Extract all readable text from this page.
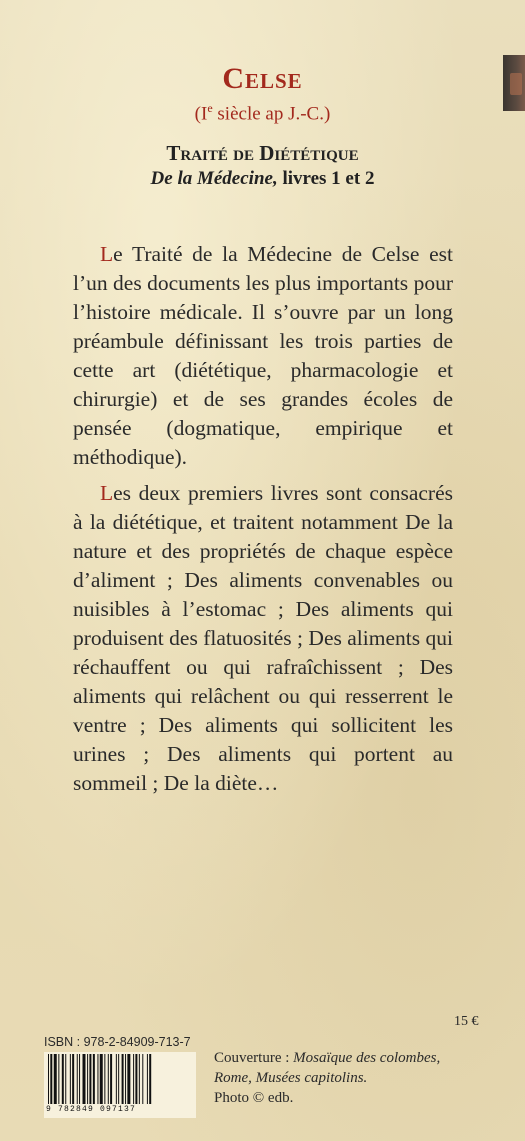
Celse
(Ie siècle ap J.-C.)
Traité de Diététique
De la Médecine, livres 1 et 2

Le Traité de la Médecine de Celse est l’un des documents les plus importants pour l’histoire médicale. Il s’ouvre par un long préambule définissant les trois parties de cette art (diététique, pharmacologie et chirurgie) et de ses grandes écoles de pensée (dogmatique, empirique et méthodique).

Les deux premiers livres sont consacrés à la diététique, et traitent notamment De la nature et des propriétés de chaque espèce d’aliment ; Des aliments convenables ou nuisibles à l’estomac ; Des aliments qui produisent des flatuosités ; Des aliments qui réchauffent ou qui rafraîchissent ; Des aliments qui relâchent ou qui resserrent le ventre ; Des aliments qui sollicitent les urines ; Des aliments qui portent au sommeil ; De la diète…

15 €
ISBN : 978-2-84909-713-7
9 782849 097137
Couverture : Mosaïque des colombes,
Rome, Musées capitolins.
Photo © edb.
